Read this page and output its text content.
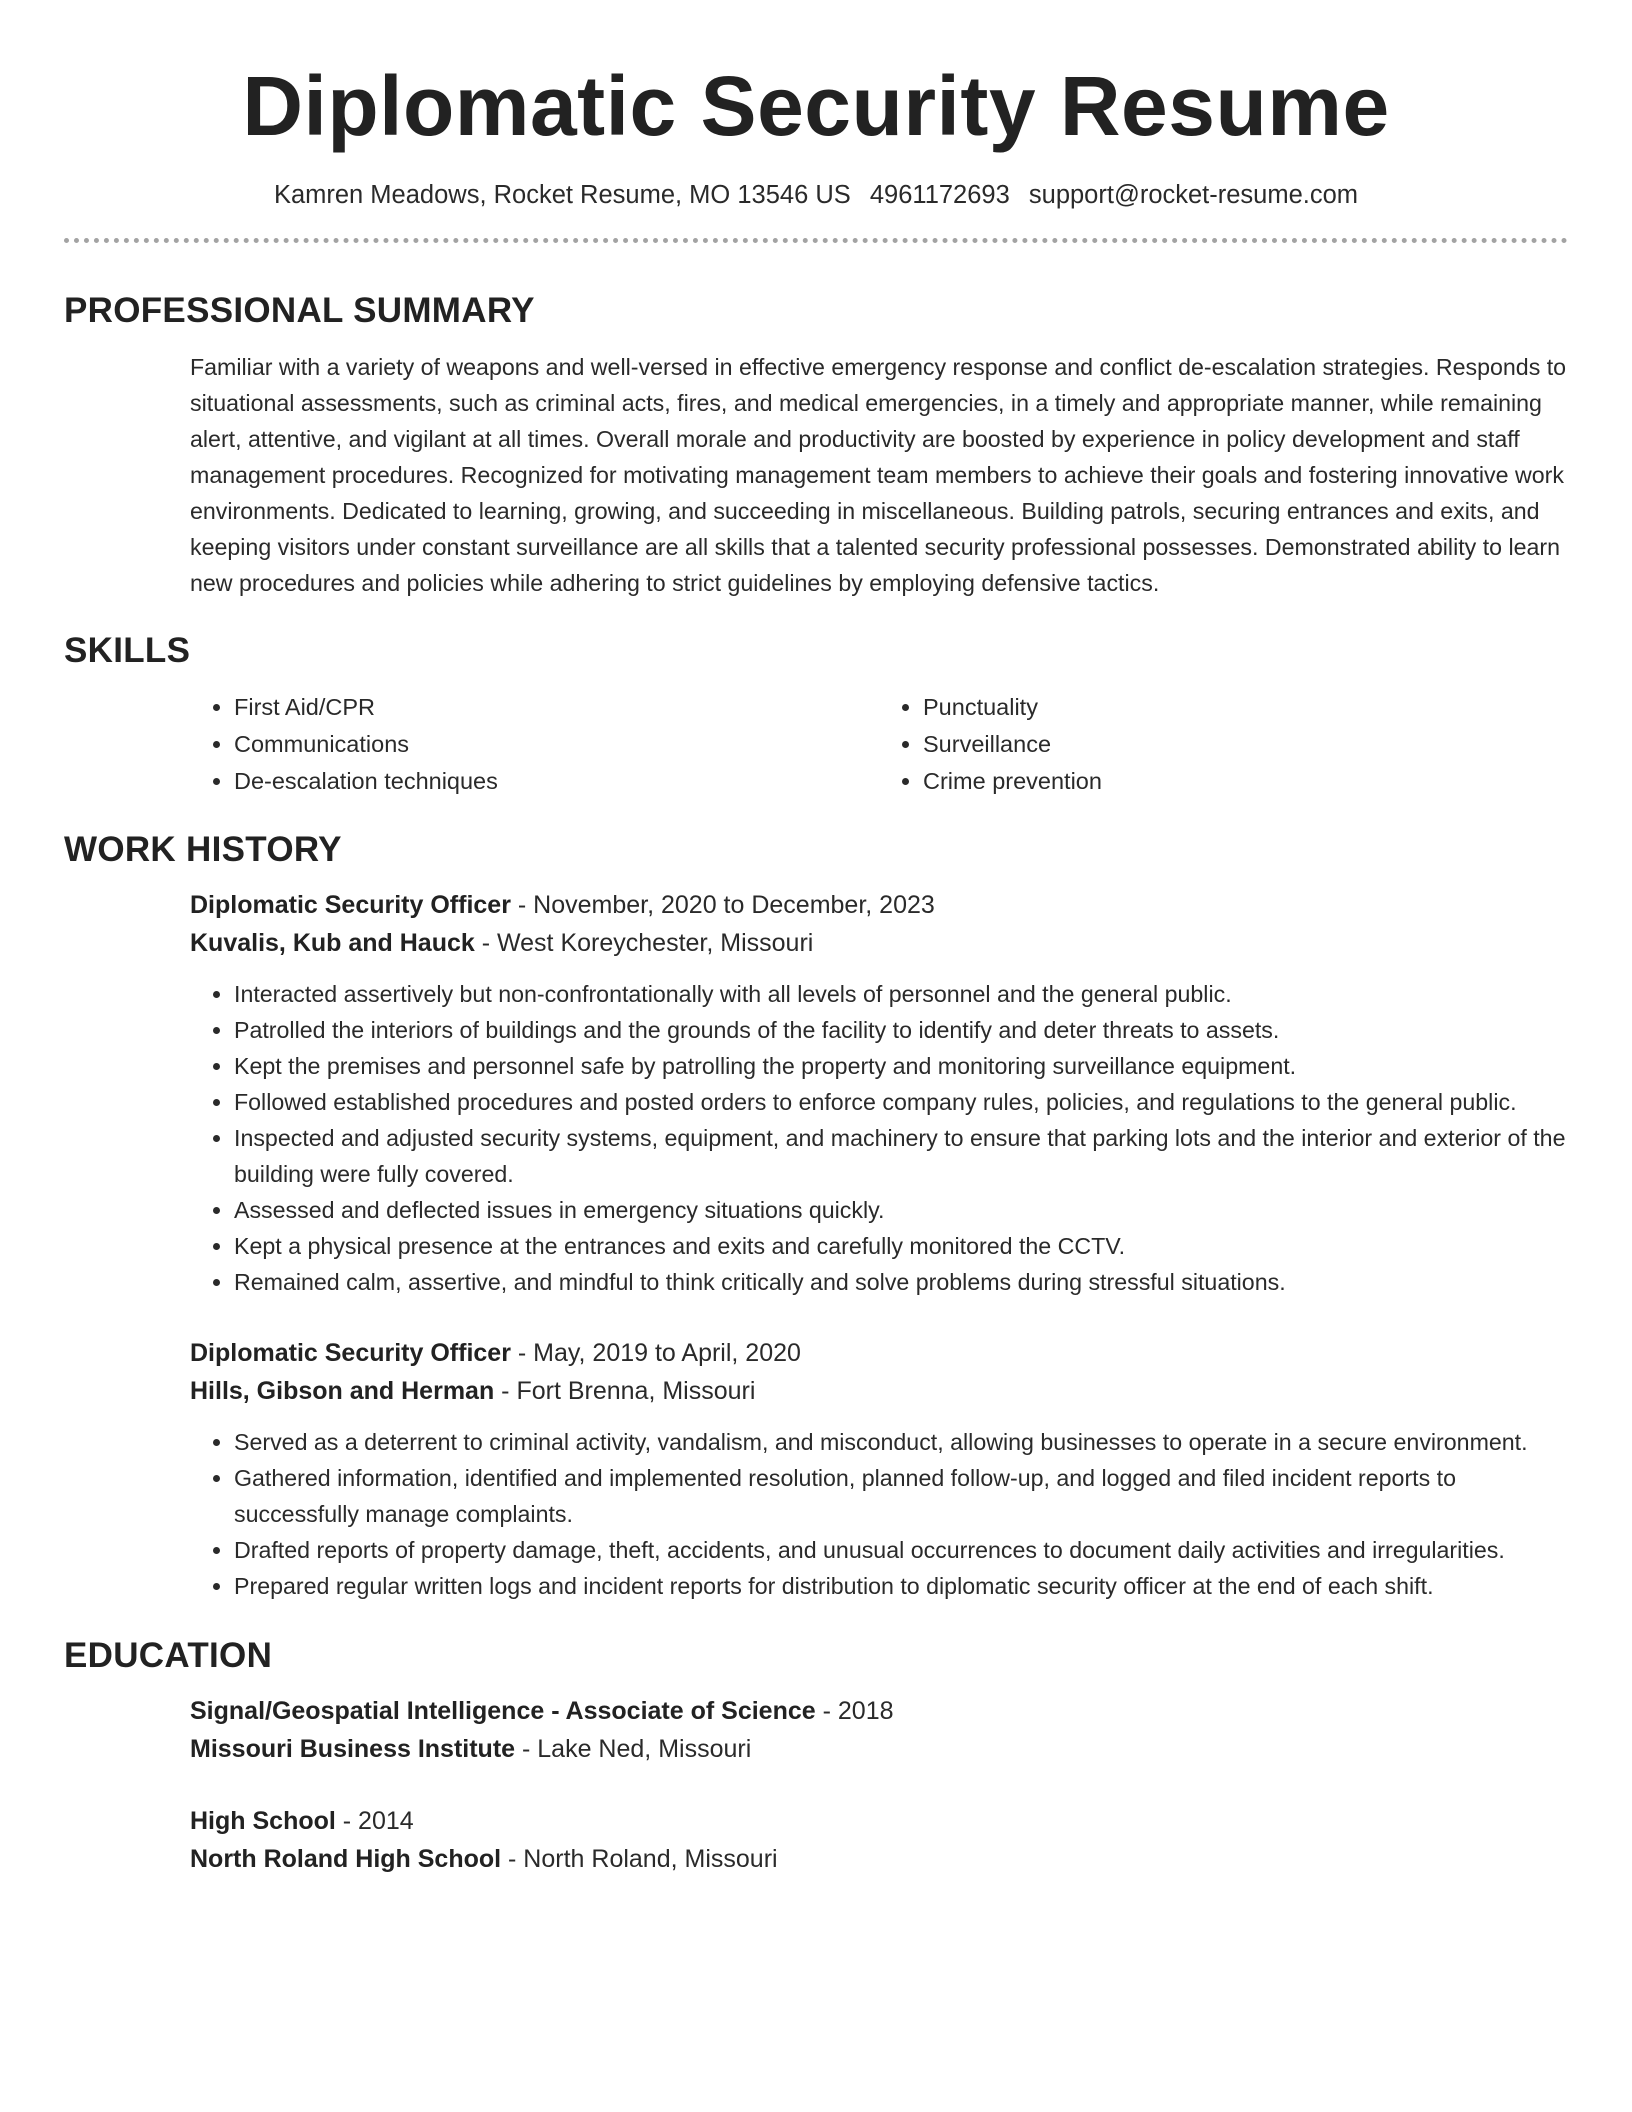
Diplomatic Security Resume
Kamren Meadows, Rocket Resume, MO 13546 US 4961172693 support@rocket-resume.com
PROFESSIONAL SUMMARY
Familiar with a variety of weapons and well-versed in effective emergency response and conflict de-escalation strategies. Responds to situational assessments, such as criminal acts, fires, and medical emergencies, in a timely and appropriate manner, while remaining alert, attentive, and vigilant at all times. Overall morale and productivity are boosted by experience in policy development and staff management procedures. Recognized for motivating management team members to achieve their goals and fostering innovative work environments. Dedicated to learning, growing, and succeeding in miscellaneous. Building patrols, securing entrances and exits, and keeping visitors under constant surveillance are all skills that a talented security professional possesses. Demonstrated ability to learn new procedures and policies while adhering to strict guidelines by employing defensive tactics.
SKILLS
• First Aid/CPR
• Communications
• De-escalation techniques
• Punctuality
• Surveillance
• Crime prevention
WORK HISTORY
Diplomatic Security Officer - November, 2020 to December, 2023
Kuvalis, Kub and Hauck - West Koreychester, Missouri
• Interacted assertively but non-confrontationally with all levels of personnel and the general public.
• Patrolled the interiors of buildings and the grounds of the facility to identify and deter threats to assets.
• Kept the premises and personnel safe by patrolling the property and monitoring surveillance equipment.
• Followed established procedures and posted orders to enforce company rules, policies, and regulations to the general public.
• Inspected and adjusted security systems, equipment, and machinery to ensure that parking lots and the interior and exterior of the building were fully covered.
• Assessed and deflected issues in emergency situations quickly.
• Kept a physical presence at the entrances and exits and carefully monitored the CCTV.
• Remained calm, assertive, and mindful to think critically and solve problems during stressful situations.
Diplomatic Security Officer - May, 2019 to April, 2020
Hills, Gibson and Herman - Fort Brenna, Missouri
• Served as a deterrent to criminal activity, vandalism, and misconduct, allowing businesses to operate in a secure environment.
• Gathered information, identified and implemented resolution, planned follow-up, and logged and filed incident reports to successfully manage complaints.
• Drafted reports of property damage, theft, accidents, and unusual occurrences to document daily activities and irregularities.
• Prepared regular written logs and incident reports for distribution to diplomatic security officer at the end of each shift.
EDUCATION
Signal/Geospatial Intelligence - Associate of Science - 2018
Missouri Business Institute - Lake Ned, Missouri
High School - 2014
North Roland High School - North Roland, Missouri
